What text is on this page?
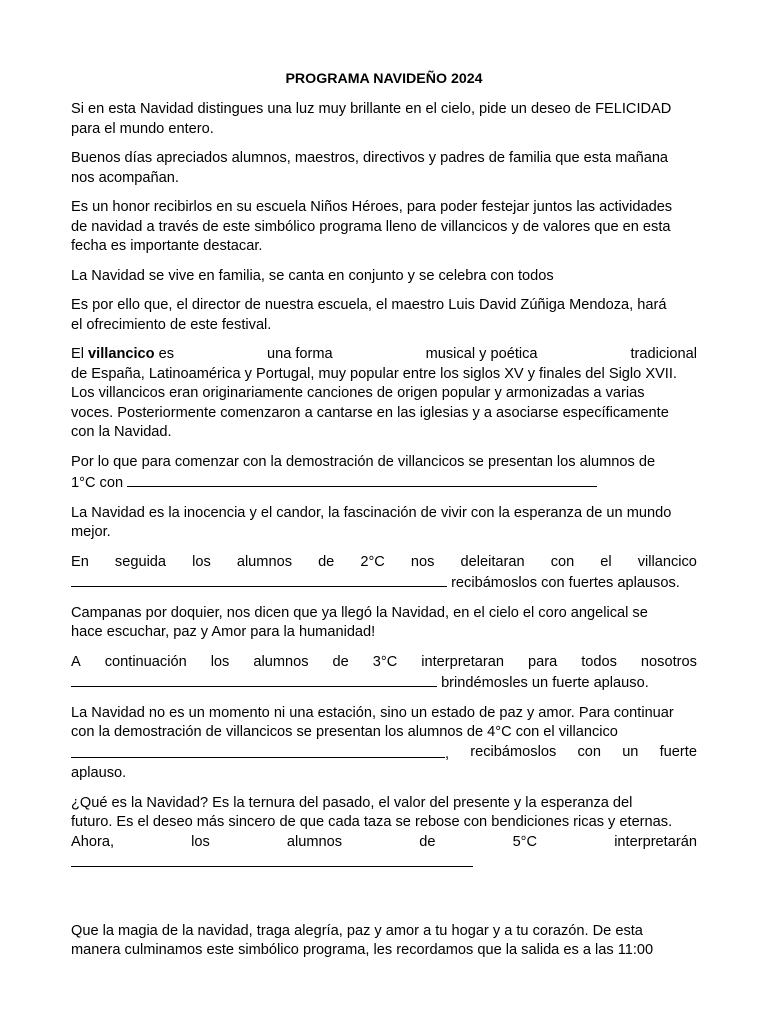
PROGRAMA NAVIDEÑO 2024
Si en esta Navidad distingues una luz muy brillante en el cielo, pide un deseo de FELICIDAD
para el mundo entero.
Buenos días apreciados alumnos, maestros, directivos y padres de familia que esta mañana
nos acompañan.
Es un honor recibirlos en su escuela Niños Héroes, para poder festejar juntos las actividades
de navidad a través de este simbólico programa lleno de villancicos y de valores que en esta
fecha es importante destacar.
La Navidad se vive en familia, se canta en conjunto y se celebra con todos
Es por ello que, el director de nuestra escuela, el maestro Luis David Zúñiga Mendoza, hará
el ofrecimiento de este festival.
El villancico es	una forma	musical y poética	tradicional
de España, Latinoamérica y Portugal, muy popular entre los siglos XV y finales del Siglo XVII.
Los villancicos eran originariamente canciones de origen popular y armonizadas a varias
voces. Posteriormente comenzaron a cantarse en las iglesias y a asociarse específicamente
con la Navidad.
Por lo que para comenzar con la demostración de villancicos se presentan los alumnos de
1°C con
La Navidad es la inocencia y el candor, la fascinación de vivir con la esperanza de un mundo
mejor.
En seguida los alumnos de 2°C nos deleitaran con el villancico
recibámoslos con fuertes aplausos.
Campanas por doquier, nos dicen que ya llegó la Navidad, en el cielo el coro angelical se
hace escuchar, paz y Amor para la humanidad!
A continuación los alumnos de 3°C interpretaran para todos nosotros
brindémosles un fuerte aplauso.
La Navidad no es un momento ni una estación, sino un estado de paz y amor. Para continuar
con la demostración de villancicos se presentan los alumnos de 4°C con el villancico
, recibámoslos con un fuerte
aplauso.
¿Qué es la Navidad? Es la ternura del pasado, el valor del presente y la esperanza del
futuro. Es el deseo más sincero de que cada taza se rebose con bendiciones ricas y eternas.
Ahora,	los	alumnos	de	5°C	interpretarán
Que la magia de la navidad, traga alegría, paz y amor a tu hogar y a tu corazón. De esta
manera culminamos este simbólico programa, les recordamos que la salida es a las 11:00
